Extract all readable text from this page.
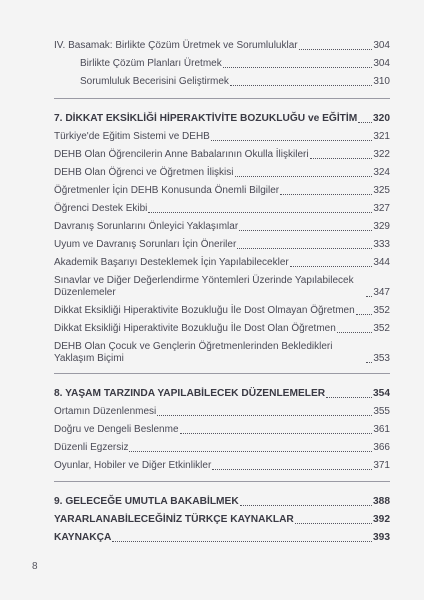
IV. Basamak: Birlikte Çözüm Üretmek ve Sorumluluklar	304
Birlikte Çözüm Planları Üretmek	304
Sorumluluk Becerisini Geliştirmek	310
7. DİKKAT EKSİKLİĞİ HİPERAKTİVİTE BOZUKLUĞU ve EĞİTİM 320
Türkiye'de Eğitim Sistemi ve DEHB	321
DEHB Olan Öğrencilerin Anne Babalarının Okulla İlişkileri	322
DEHB Olan Öğrenci ve Öğretmen İlişkisi	324
Öğretmenler İçin DEHB Konusunda Önemli Bilgiler	325
Öğrenci Destek Ekibi	327
Davranış Sorunlarını Önleyici Yaklaşımlar	329
Uyum ve Davranış Sorunları İçin Öneriler	333
Akademik Başarıyı Desteklemek İçin Yapılabilecekler	344
Sınavlar ve Diğer Değerlendirme Yöntemleri Üzerinde Yapılabilecek Düzenlemeler	347
Dikkat Eksikliği Hiperaktivite Bozukluğu İle Dost Olmayan Öğretmen 352
Dikkat Eksikliği Hiperaktivite Bozukluğu İle Dost Olan Öğretmen	352
DEHB Olan Çocuk ve Gençlerin Öğretmenlerinden Bekledikleri Yaklaşım Biçimi	353
8. YAŞAM TARZINDA YAPILABİLECEK DÜZENLEMELER	354
Ortamın Düzenlenmesi	355
Doğru ve Dengeli Beslenme	361
Düzenli Egzersiz	366
Oyunlar, Hobiler ve Diğer Etkinlikler	371
9. GELECEĞE UMUTLA BAKABİLMEK	388
YARARLANABİLECEĞİNİZ TÜRKÇE KAYNAKLAR	392
KAYNAKÇA	393
8
